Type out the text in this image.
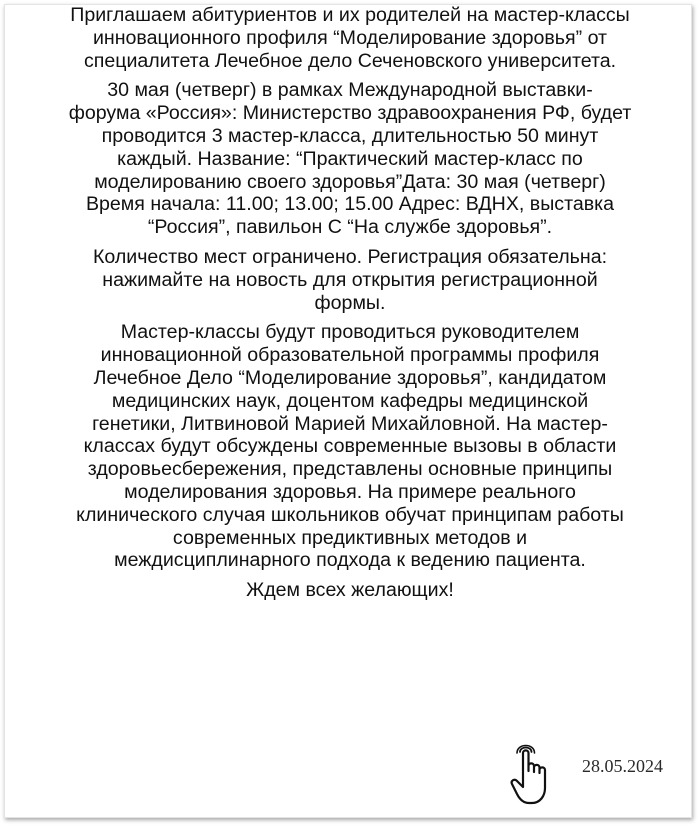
Приглашаем абитуриентов и их родителей на мастер-классы
инновационного профиля “Моделирование здоровья” от
специалитета Лечебное дело Сеченовского университета.

30 мая (четверг) в рамках Международной выставки-
форума «Россия»: Министерство здравоохранения РФ, будет
проводится 3 мастер-класса, длительностью 50 минут
каждый. Название: “Практический мастер-класс по
моделированию своего здоровья”Дата: 30 мая (четверг)
Время начала: 11.00; 13.00; 15.00 Адрес: ВДНХ, выставка
“Россия”, павильон С “На службе здоровья”.

Количество мест ограничено. Регистрация обязательна:
нажимайте на новость для открытия регистрационной
формы.

Мастер-классы будут проводиться руководителем
инновационной образовательной программы профиля
Лечебное Дело “Моделирование здоровья”, кандидатом
медицинских наук, доцентом кафедры медицинской
генетики, Литвиновой Марией Михайловной. На мастер-
классах будут обсуждены современные вызовы в области
здоровьесбережения, представлены основные принципы
моделирования здоровья. На примере реального
клинического случая школьников обучат принципам работы
современных предиктивных методов и
междисциплинарного подхода к ведению пациента.

Ждем всех желающих!

28.05.2024
